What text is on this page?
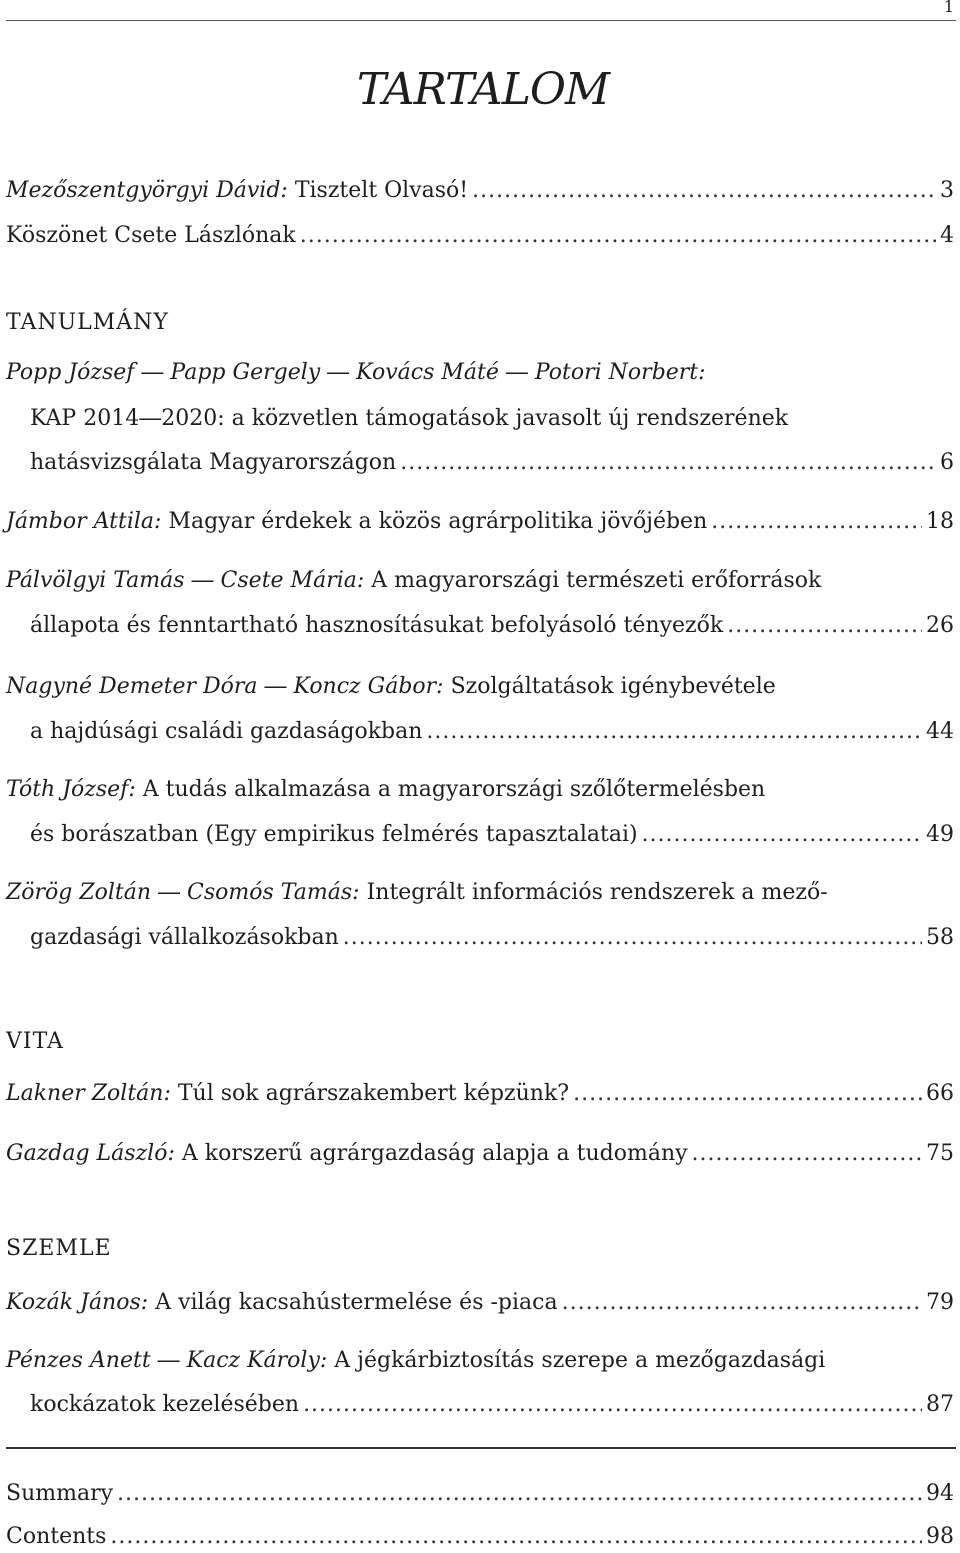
1
TARTALOM
Mezőszentgyörgyi Dávid: Tisztelt Olvasó! .....	3
Köszönet Csete Lászlónak .....	4
TANULMÁNY
Popp József ― Papp Gergely ― Kovács Máté ― Potori Norbert:
KAP 2014―2020: a közvetlen támogatások javasolt új rendszerének
hatásvizsgálata Magyarországon .....	6
Jámbor Attila: Magyar érdekek a közös agrárpolitika jövőjében .....	18
Pálvölgyi Tamás ― Csete Mária: A magyarországi természeti erőforrások
állapota és fenntartható hasznosításukat befolyásoló tényezők .....	26
Nagyné Demeter Dóra ― Koncz Gábor: Szolgáltatások igénybevétele
a hajdúsági családi gazdaságokban .....	44
Tóth József: A tudás alkalmazása a magyarországi szőlőtermelésben
és borászatban (Egy empirikus felmérés tapasztalatai) .....	49
Zörög Zoltán ― Csomós Tamás: Integrált információs rendszerek a mező-
gazdasági vállalkozásokban .....	58
VITA
Lakner Zoltán: Túl sok agrárszakembert képzünk? .....	66
Gazdag László: A korszerű agrárgazdaság alapja a tudomány .....	75
SZEMLE
Kozák János: A világ kacsahústermelése és -piaca .....	79
Pénzes Anett ― Kacz Károly: A jégkárbiztosítás szerepe a mezőgazdasági
kockázatok kezelésében .....	87
Summary .....	94
Contents .....	98
